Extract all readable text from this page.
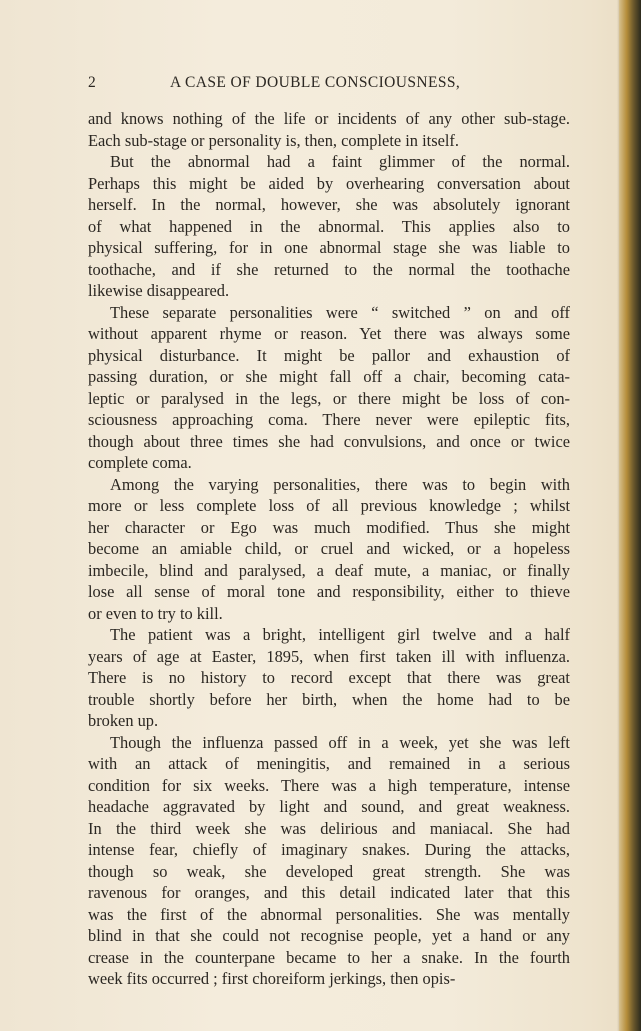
2	A CASE OF DOUBLE CONSCIOUSNESS,
and knows nothing of the life or incidents of any other sub-stage.
Each sub-stage or personality is, then, complete in itself.
But the abnormal had a faint glimmer of the normal.
Perhaps this might be aided by overhearing conversation about
herself. In the normal, however, she was absolutely ignorant
of what happened in the abnormal. This applies also to
physical suffering, for in one abnormal stage she was liable to
toothache, and if she returned to the normal the toothache
likewise disappeared.
These separate personalities were “ switched ” on and off
without apparent rhyme or reason. Yet there was always some
physical disturbance. It might be pallor and exhaustion of
passing duration, or she might fall off a chair, becoming cata-
leptic or paralysed in the legs, or there might be loss of con-
sciousness approaching coma. There never were epileptic fits,
though about three times she had convulsions, and once or twice
complete coma.
Among the varying personalities, there was to begin with
more or less complete loss of all previous knowledge ; whilst
her character or Ego was much modified. Thus she might
become an amiable child, or cruel and wicked, or a hopeless
imbecile, blind and paralysed, a deaf mute, a maniac, or finally
lose all sense of moral tone and responsibility, either to thieve
or even to try to kill.
The patient was a bright, intelligent girl twelve and a half
years of age at Easter, 1895, when first taken ill with influenza.
There is no history to record except that there was great
trouble shortly before her birth, when the home had to be
broken up.
Though the influenza passed off in a week, yet she was left
with an attack of meningitis, and remained in a serious
condition for six weeks. There was a high temperature, intense
headache aggravated by light and sound, and great weakness.
In the third week she was delirious and maniacal. She had
intense fear, chiefly of imaginary snakes. During the attacks,
though so weak, she developed great strength. She was
ravenous for oranges, and this detail indicated later that this
was the first of the abnormal personalities. She was mentally
blind in that she could not recognise people, yet a hand or any
crease in the counterpane became to her a snake. In the fourth
week fits occurred ; first choreiform jerkings, then opis-
